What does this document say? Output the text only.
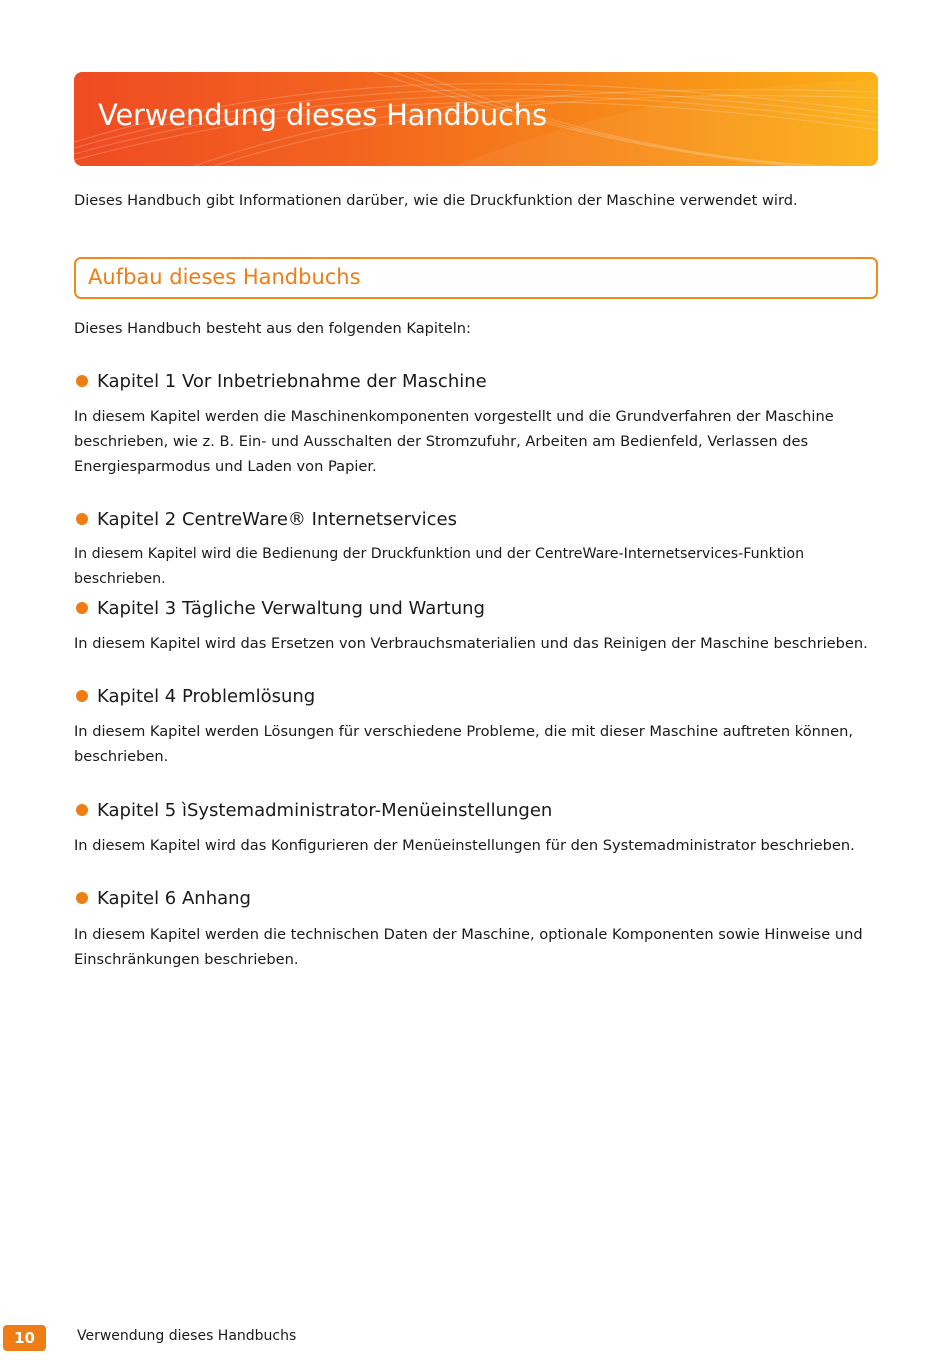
Verwendung dieses Handbuchs
Dieses Handbuch gibt Informationen darüber, wie die Druckfunktion der Maschine verwendet wird.
Aufbau dieses Handbuchs
Dieses Handbuch besteht aus den folgenden Kapiteln:
Kapitel 1 Vor Inbetriebnahme der Maschine
In diesem Kapitel werden die Maschinenkomponenten vorgestellt und die Grundverfahren der Maschine beschrieben, wie z. B. Ein- und Ausschalten der Stromzufuhr, Arbeiten am Bedienfeld, Verlassen des Energiesparmodus und Laden von Papier.
Kapitel 2 CentreWare® Internetservices
In diesem Kapitel wird die Bedienung der Druckfunktion und der CentreWare-Internetservices-Funktion beschrieben.
Kapitel 3 Tägliche Verwaltung und Wartung
In diesem Kapitel wird das Ersetzen von Verbrauchsmaterialien und das Reinigen der Maschine beschrieben.
Kapitel 4 Problemlösung
In diesem Kapitel werden Lösungen für verschiedene Probleme, die mit dieser Maschine auftreten können, beschrieben.
Kapitel 5 ìSystemadministrator-Menüeinstellungen
In diesem Kapitel wird das Konfigurieren der Menüeinstellungen für den Systemadministrator beschrieben.
Kapitel 6 Anhang
In diesem Kapitel werden die technischen Daten der Maschine, optionale Komponenten sowie Hinweise und Einschränkungen beschrieben.
10	Verwendung dieses Handbuchs
